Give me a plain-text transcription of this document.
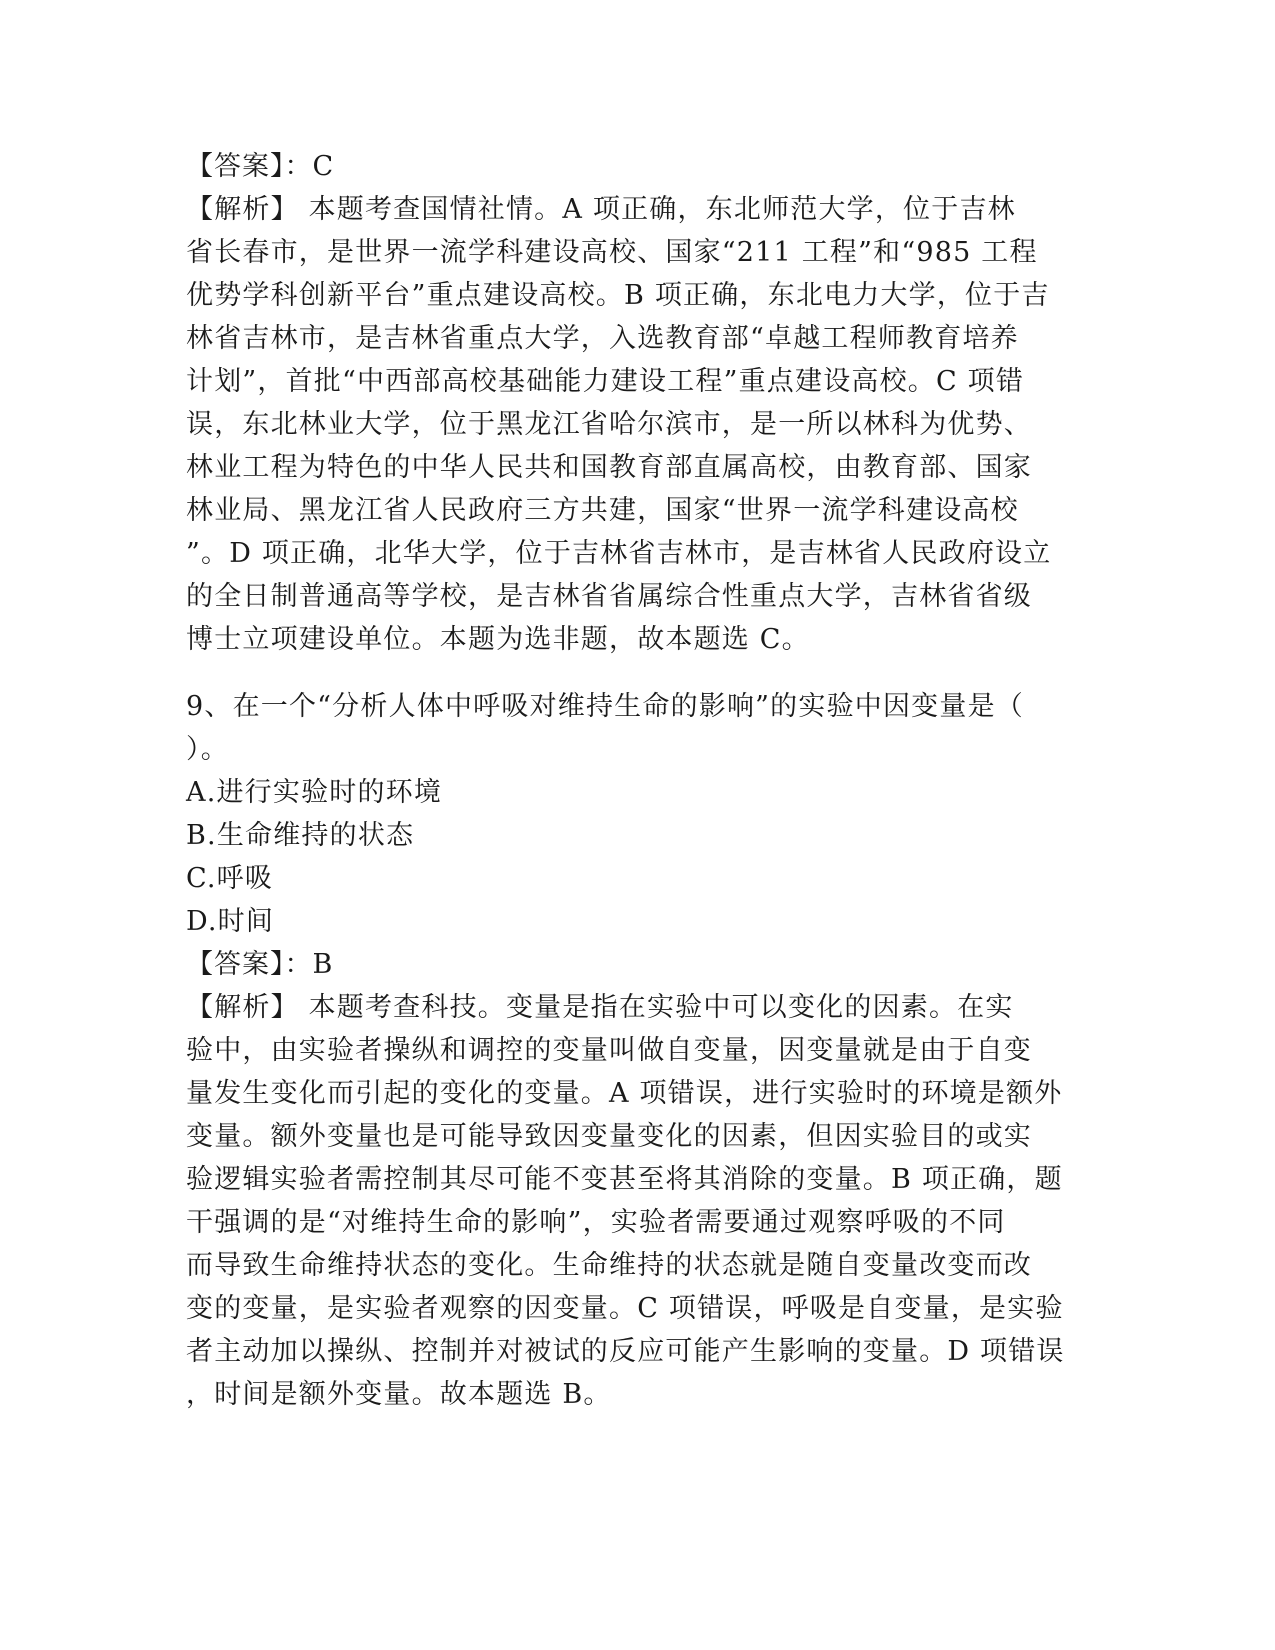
【答案】：C
【解析】 本题考查国情社情。A 项正确，东北师范大学，位于吉林
省长春市，是世界一流学科建设高校、国家“211 工程”和“985 工程
优势学科创新平台”重点建设高校。B 项正确，东北电力大学，位于吉
林省吉林市，是吉林省重点大学，入选教育部“卓越工程师教育培养
计划”，首批“中西部高校基础能力建设工程”重点建设高校。C 项错
误，东北林业大学，位于黑龙江省哈尔滨市，是一所以林科为优势、
林业工程为特色的中华人民共和国教育部直属高校，由教育部、国家
林业局、黑龙江省人民政府三方共建，国家“世界一流学科建设高校
”。D 项正确，北华大学，位于吉林省吉林市，是吉林省人民政府设立
的全日制普通高等学校，是吉林省省属综合性重点大学，吉林省省级
博士立项建设单位。本题为选非题，故本题选 C。
9、在一个“分析人体中呼吸对维持生命的影响”的实验中因变量是（
）。
A.进行实验时的环境
B.生命维持的状态
C.呼吸
D.时间
【答案】：B
【解析】 本题考查科技。变量是指在实验中可以变化的因素。在实
验中，由实验者操纵和调控的变量叫做自变量，因变量就是由于自变
量发生变化而引起的变化的变量。A 项错误，进行实验时的环境是额外
变量。额外变量也是可能导致因变量变化的因素，但因实验目的或实
验逻辑实验者需控制其尽可能不变甚至将其消除的变量。B 项正确，题
干强调的是“对维持生命的影响”，实验者需要通过观察呼吸的不同
而导致生命维持状态的变化。生命维持的状态就是随自变量改变而改
变的变量，是实验者观察的因变量。C 项错误，呼吸是自变量，是实验
者主动加以操纵、控制并对被试的反应可能产生影响的变量。D 项错误
，时间是额外变量。故本题选 B。
